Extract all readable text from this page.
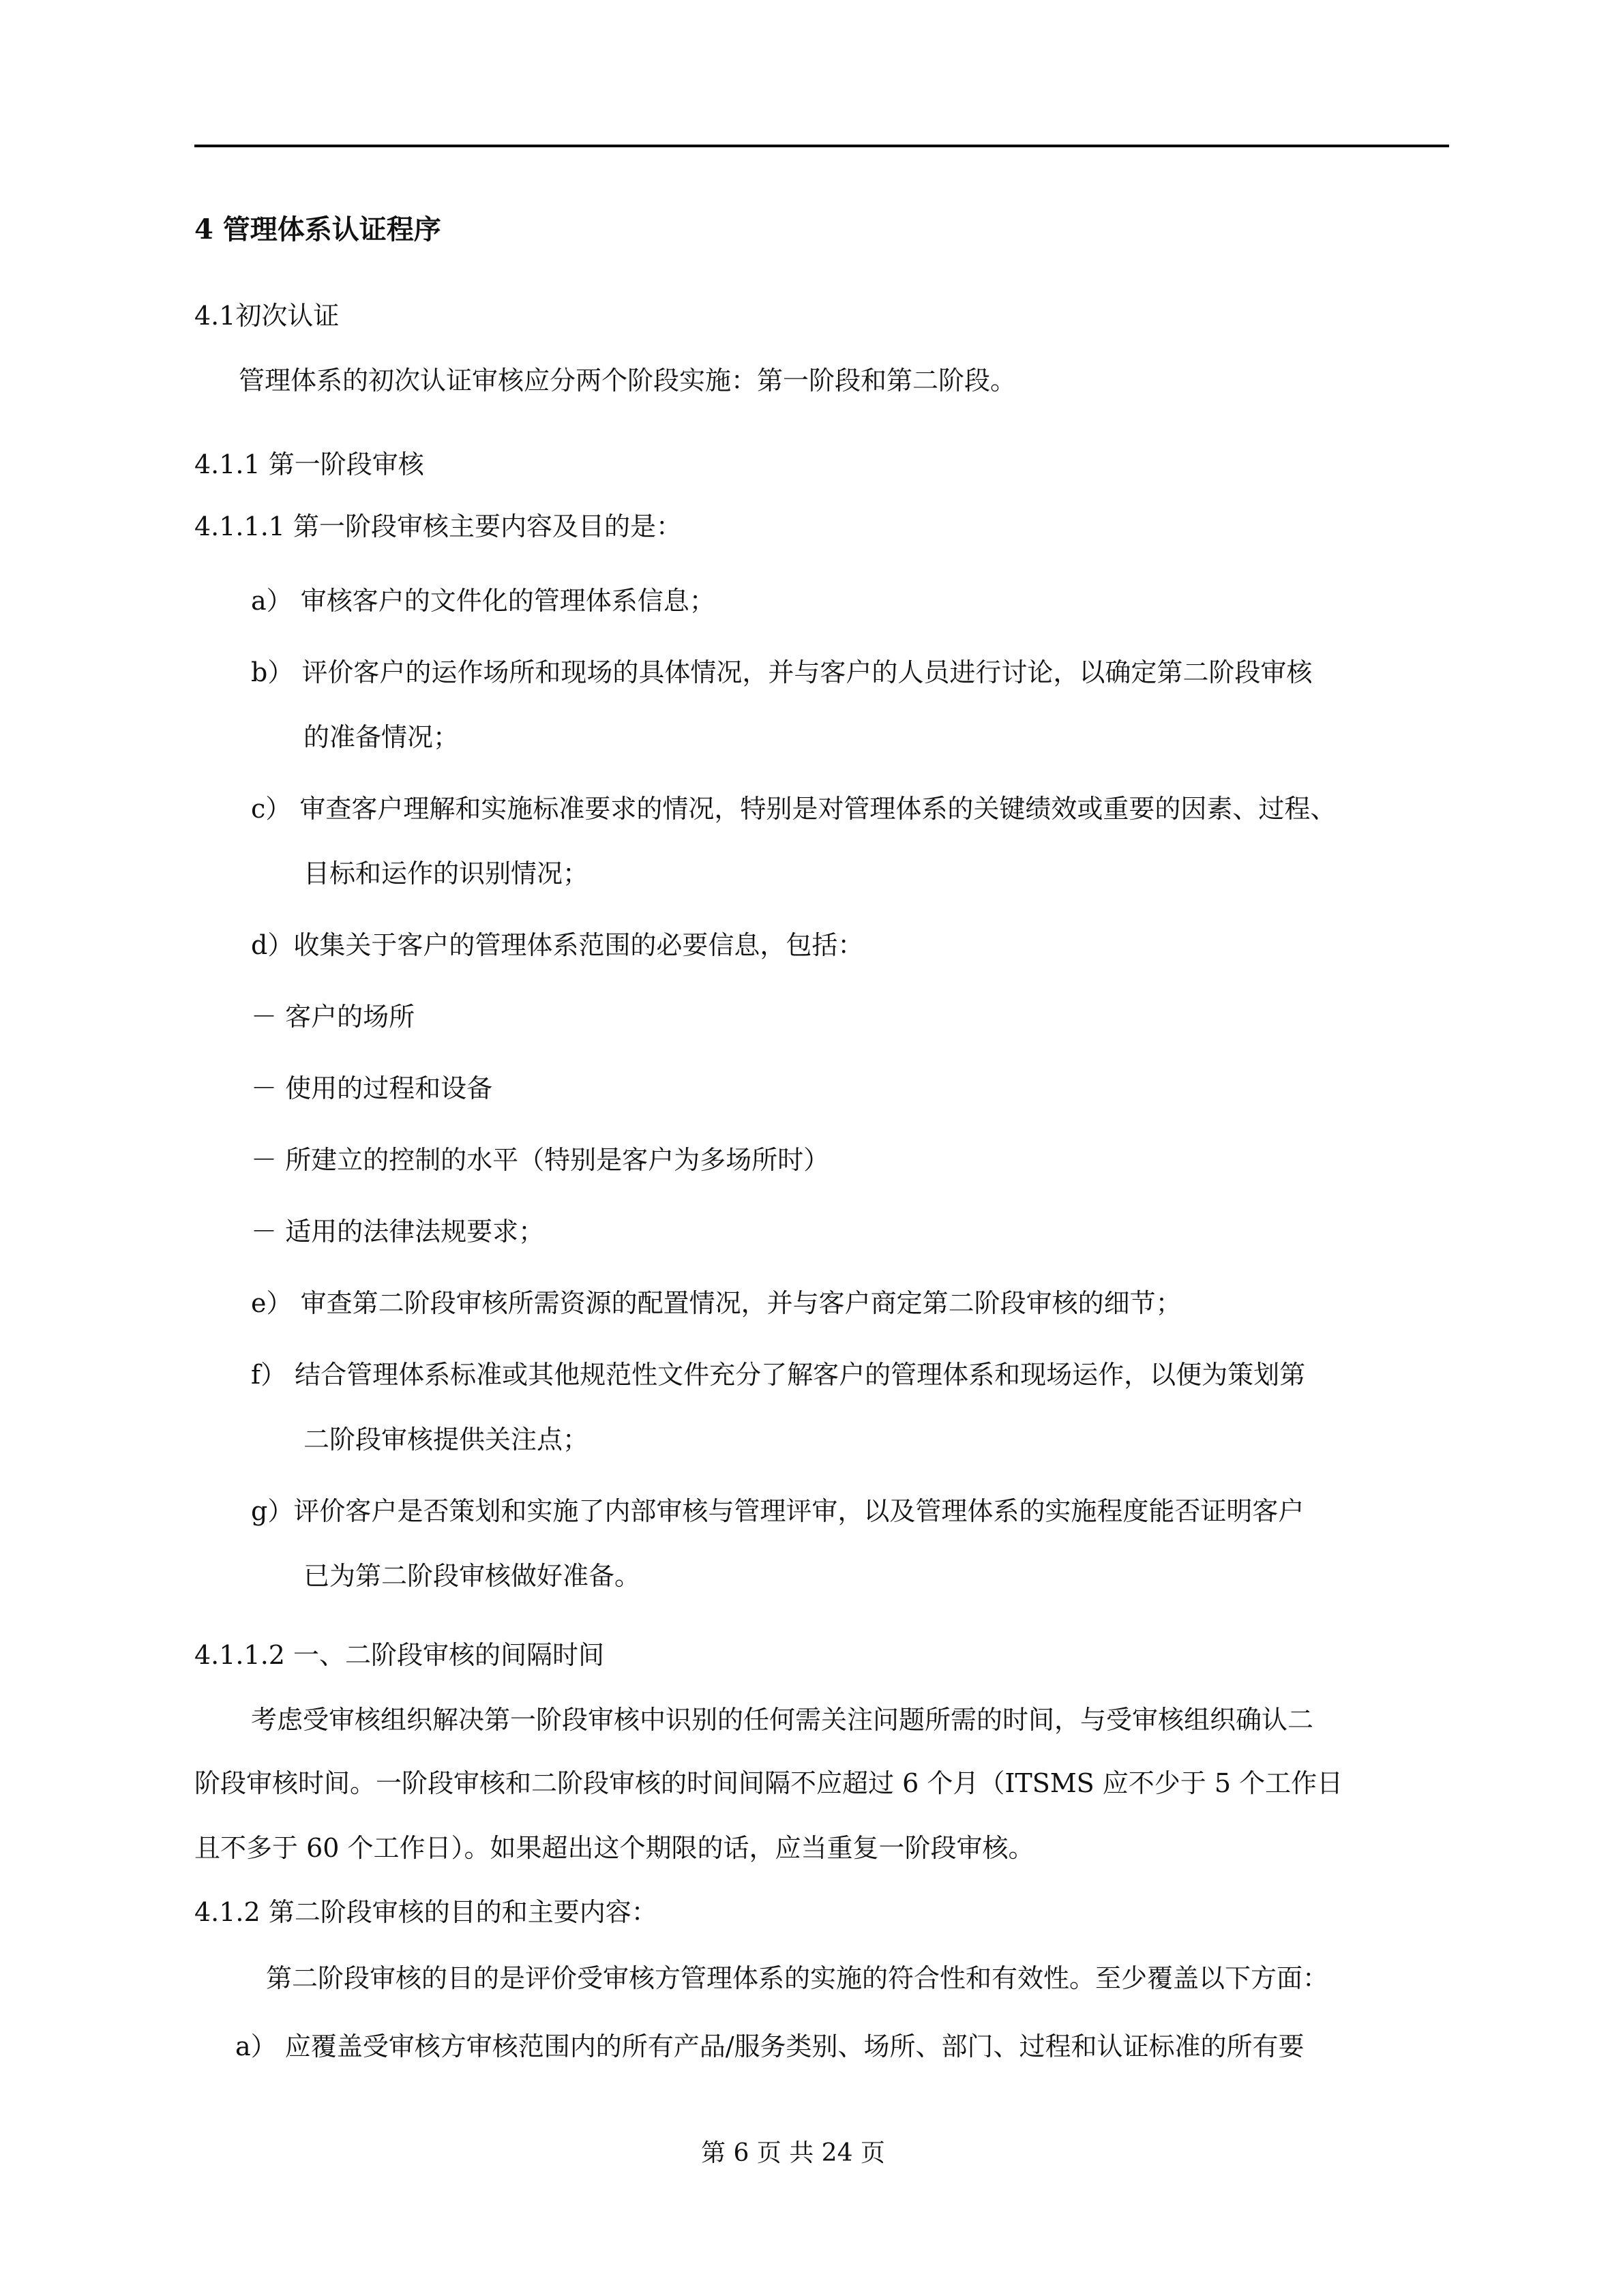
4 管理体系认证程序
4.1初次认证
管理体系的初次认证审核应分两个阶段实施：第一阶段和第二阶段。
4.1.1 第一阶段审核
4.1.1.1 第一阶段审核主要内容及目的是：
a） 审核客户的文件化的管理体系信息；
b） 评价客户的运作场所和现场的具体情况，并与客户的人员进行讨论，以确定第二阶段审核
的准备情况；
c） 审查客户理解和实施标准要求的情况，特别是对管理体系的关键绩效或重要的因素、过程、
目标和运作的识别情况；
d）收集关于客户的管理体系范围的必要信息，包括：
－ 客户的场所
－ 使用的过程和设备
－ 所建立的控制的水平（特别是客户为多场所时）
－ 适用的法律法规要求；
e） 审查第二阶段审核所需资源的配置情况，并与客户商定第二阶段审核的细节；
f） 结合管理体系标准或其他规范性文件充分了解客户的管理体系和现场运作，以便为策划第
二阶段审核提供关注点；
g）评价客户是否策划和实施了内部审核与管理评审，以及管理体系的实施程度能否证明客户
已为第二阶段审核做好准备。
4.1.1.2 一、二阶段审核的间隔时间
考虑受审核组织解决第一阶段审核中识别的任何需关注问题所需的时间，与受审核组织确认二
阶段审核时间。一阶段审核和二阶段审核的时间间隔不应超过 6 个月（ITSMS 应不少于 5 个工作日
且不多于 60 个工作日）。如果超出这个期限的话，应当重复一阶段审核。
4.1.2 第二阶段审核的目的和主要内容：
第二阶段审核的目的是评价受审核方管理体系的实施的符合性和有效性。至少覆盖以下方面：
a） 应覆盖受审核方审核范围内的所有产品/服务类别、场所、部门、过程和认证标准的所有要
第 6 页 共 24 页
